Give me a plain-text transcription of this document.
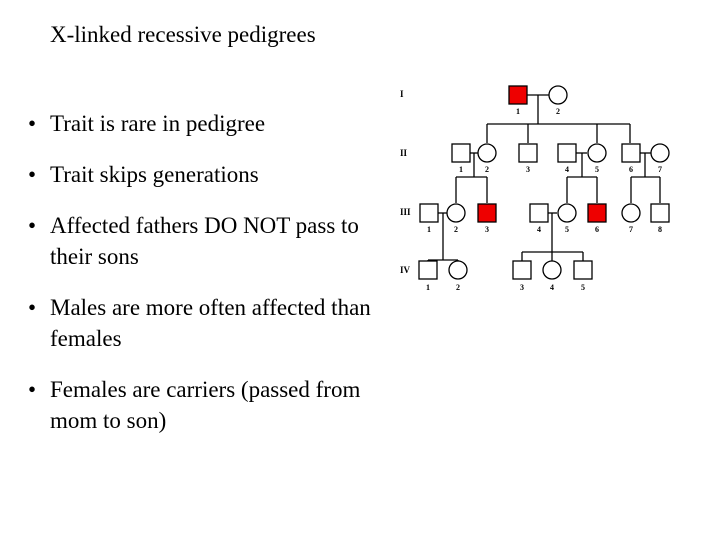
X-linked recessive pedigrees
• Trait is rare in pedigree
• Trait skips generations
• Affected fathers DO NOT pass to their sons
• Males are more often affected than females
• Females are carriers (passed from mom to son)
I
II
III
IV
1	2
1	2	3	4	5	6	7
1	2	3	4	5	6	7	8
1	2	3	4	5
